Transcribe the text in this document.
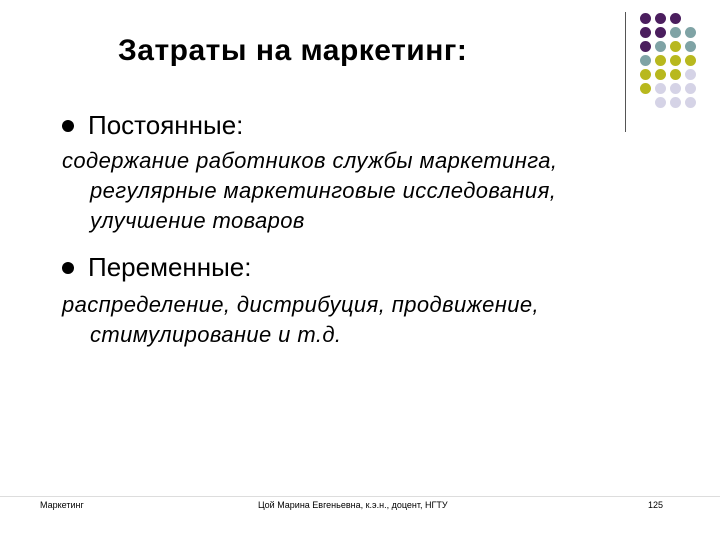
Затраты на маркетинг:
Постоянные:
содержание работников службы маркетинга,
регулярные маркетинговые исследования,
улучшение товаров
Переменные:
распределение, дистрибуция, продвижение,
стимулирование и т.д.
Маркетинг	Цой Марина Евгеньевна, к.э.н., доцент, НГТУ	125
